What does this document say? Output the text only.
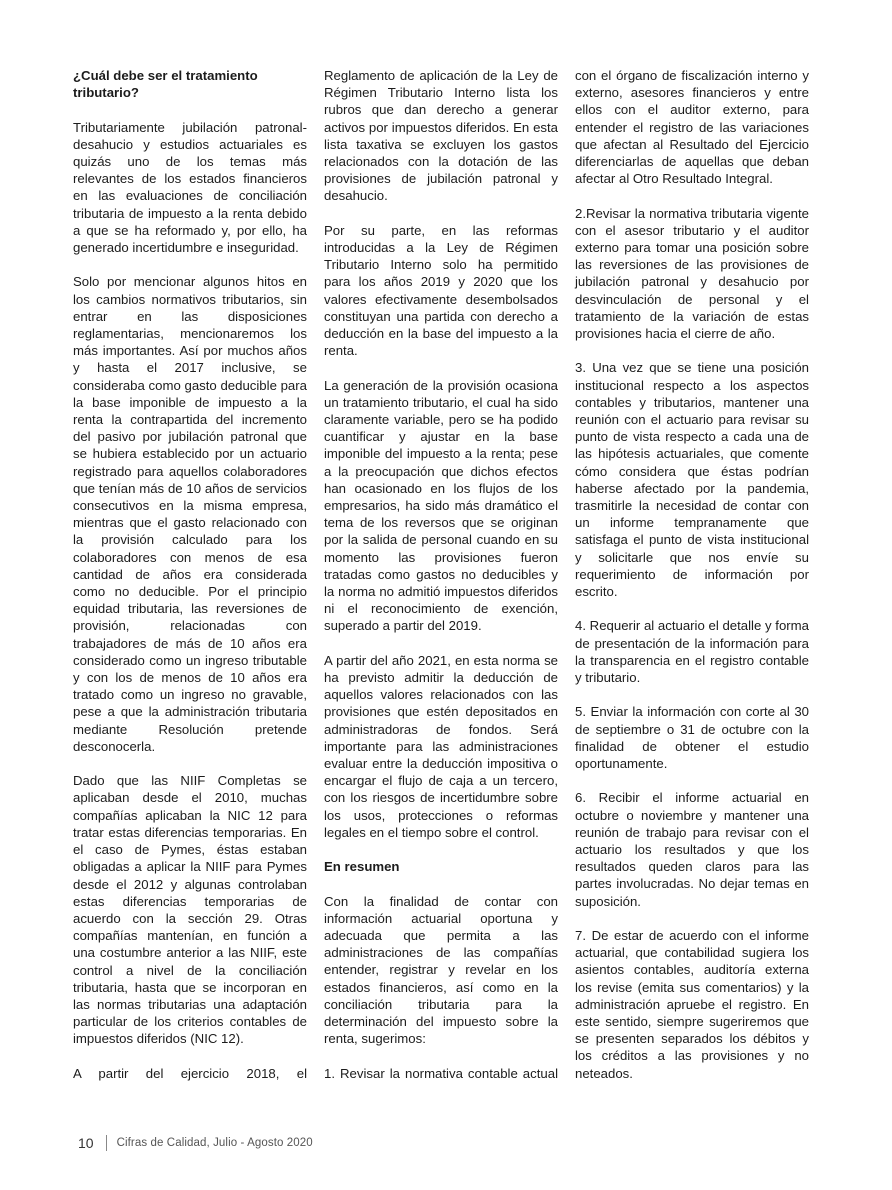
¿Cuál debe ser el tratamiento tributario?

Tributariamente jubilación patronal-desahucio y estudios actuariales es quizás uno de los temas más relevantes de los estados financieros en las evaluaciones de conciliación tributaria de impuesto a la renta debido a que se ha reformado y, por ello, ha generado incertidumbre e inseguridad.

Solo por mencionar algunos hitos en los cambios normativos tributarios, sin entrar en las disposiciones reglamentarias, mencionaremos los más importantes. Así por muchos años y hasta el 2017 inclusive, se consideraba como gasto deducible para la base imponible de impuesto a la renta la contrapartida del incremento del pasivo por jubilación patronal que se hubiera establecido por un actuario registrado para aquellos colaboradores que tenían más de 10 años de servicios consecutivos en la misma empresa, mientras que el gasto relacionado con la provisión calculado para los colaboradores con menos de esa cantidad de años era considerada como no deducible. Por el principio equidad tributaria, las reversiones de provisión, relacionadas con trabajadores de más de 10 años era considerado como un ingreso tributable y con los de menos de 10 años era tratado como un ingreso no gravable, pese a que la administración tributaria mediante Resolución pretende desconocerla.

Dado que las NIIF Completas se aplicaban desde el 2010, muchas compañías aplicaban la NIC 12 para tratar estas diferencias temporarias. En el caso de Pymes, éstas estaban obligadas a aplicar la NIIF para Pymes desde el 2012 y algunas controlaban estas diferencias temporarias de acuerdo con la sección 29. Otras compañías mantenían, en función a una costumbre anterior a las NIIF, este control a nivel de la conciliación tributaria, hasta que se incorporan en las normas tributarias una adaptación particular de los criterios contables de impuestos diferidos (NIC 12).

A partir del ejercicio 2018, el

Reglamento de aplicación de la Ley de Régimen Tributario Interno lista los rubros que dan derecho a generar activos por impuestos diferidos. En esta lista taxativa se excluyen los gastos relacionados con la dotación de las provisiones de jubilación patronal y desahucio.

Por su parte, en las reformas introducidas a la Ley de Régimen Tributario Interno solo ha permitido para los años 2019 y 2020 que los valores efectivamente desembolsados constituyan una partida con derecho a deducción en la base del impuesto a la renta.

La generación de la provisión ocasiona un tratamiento tributario, el cual ha sido claramente variable, pero se ha podido cuantificar y ajustar en la base imponible del impuesto a la renta; pese a la preocupación que dichos efectos han ocasionado en los flujos de los empresarios, ha sido más dramático el tema de los reversos que se originan por la salida de personal cuando en su momento las provisiones fueron tratadas como gastos no deducibles y la norma no admitió impuestos diferidos ni el reconocimiento de exención, superado a partir del 2019.

A partir del año 2021, en esta norma se ha previsto admitir la deducción de aquellos valores relacionados con las provisiones que estén depositados en administradoras de fondos. Será importante para las administraciones evaluar entre la deducción impositiva o encargar el flujo de caja a un tercero, con los riesgos de incertidumbre sobre los usos, protecciones o reformas legales en el tiempo sobre el control.

En resumen

Con la finalidad de contar con información actuarial oportuna y adecuada que permita a las administraciones de las compañías entender, registrar y revelar en los estados financieros, así como en la conciliación tributaria para la determinación del impuesto sobre la renta, sugerimos:

1. Revisar la normativa contable actual

con el órgano de fiscalización interno y externo, asesores financieros y entre ellos con el auditor externo, para entender el registro de las variaciones que afectan al Resultado del Ejercicio diferenciarlas de aquellas que deban afectar al Otro Resultado Integral.

2.Revisar la normativa tributaria vigente con el asesor tributario y el auditor externo para tomar una posición sobre las reversiones de las provisiones de jubilación patronal y desahucio por desvinculación de personal y el tratamiento de la variación de estas provisiones hacia el cierre de año.

3. Una vez que se tiene una posición institucional respecto a los aspectos contables y tributarios, mantener una reunión con el actuario para revisar su punto de vista respecto a cada una de las hipótesis actuariales, que comente cómo considera que éstas podrían haberse afectado por la pandemia, trasmitirle la necesidad de contar con un informe tempranamente que satisfaga el punto de vista institucional y solicitarle que nos envíe su requerimiento de información por escrito.

4. Requerir al actuario el detalle y forma de presentación de la información para la transparencia en el registro contable y tributario.

5. Enviar la información con corte al 30 de septiembre o 31 de octubre con la finalidad de obtener el estudio oportunamente.

6. Recibir el informe actuarial en octubre o noviembre y mantener una reunión de trabajo para revisar con el actuario los resultados y que los resultados queden claros para las partes involucradas. No dejar temas en suposición.

7. De estar de acuerdo con el informe actuarial, que contabilidad sugiera los asientos contables, auditoría externa los revise (emita sus comentarios) y la administración apruebe el registro. En este sentido, siempre sugeriremos que se presenten separados los débitos y los créditos a las provisiones y no neteados.

10 Cifras de Calidad, Julio - Agosto 2020
